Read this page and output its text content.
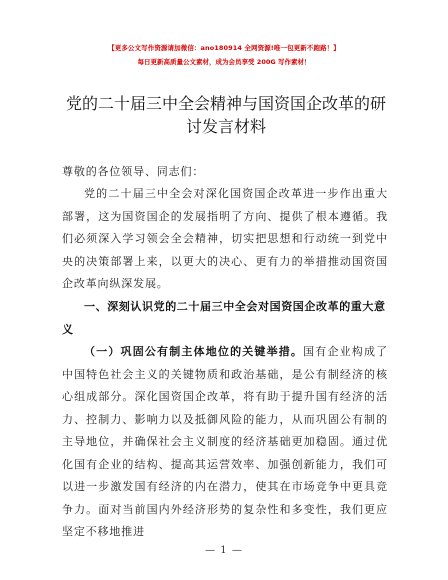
【更多公文写作资源请加微信：ano180914 全网资源!唯一包更新不跑路！】
每日更新高质量公文素材，成为会员享受 200G 写作素材！
党的二十届三中全会精神与国资国企改革的研讨发言材料
尊敬的各位领导、同志们：
党的二十届三中全会对深化国资国企改革进一步作出重大部署，这为国资国企的发展指明了方向、提供了根本遵循。我们必须深入学习领会全会精神，切实把思想和行动统一到党中央的决策部署上来，以更大的决心、更有力的举措推动国资国企改革向纵深发展。
一、深刻认识党的二十届三中全会对国资国企改革的重大意义
（一）巩固公有制主体地位的关键举措。国有企业构成了中国特色社会主义的关键物质和政治基础，是公有制经济的核心组成部分。深化国资国企改革，将有助于提升国有经济的活力、控制力、影响力以及抵御风险的能力，从而巩固公有制的主导地位，并确保社会主义制度的经济基础更加稳固。通过优化国有企业的结构、提高其运营效率、加强创新能力，我们可以进一步激发国有经济的内在潜力，使其在市场竞争中更具竞争力。面对当前国内外经济形势的复杂性和多变性，我们更应坚定不移地推进
— 1 —
